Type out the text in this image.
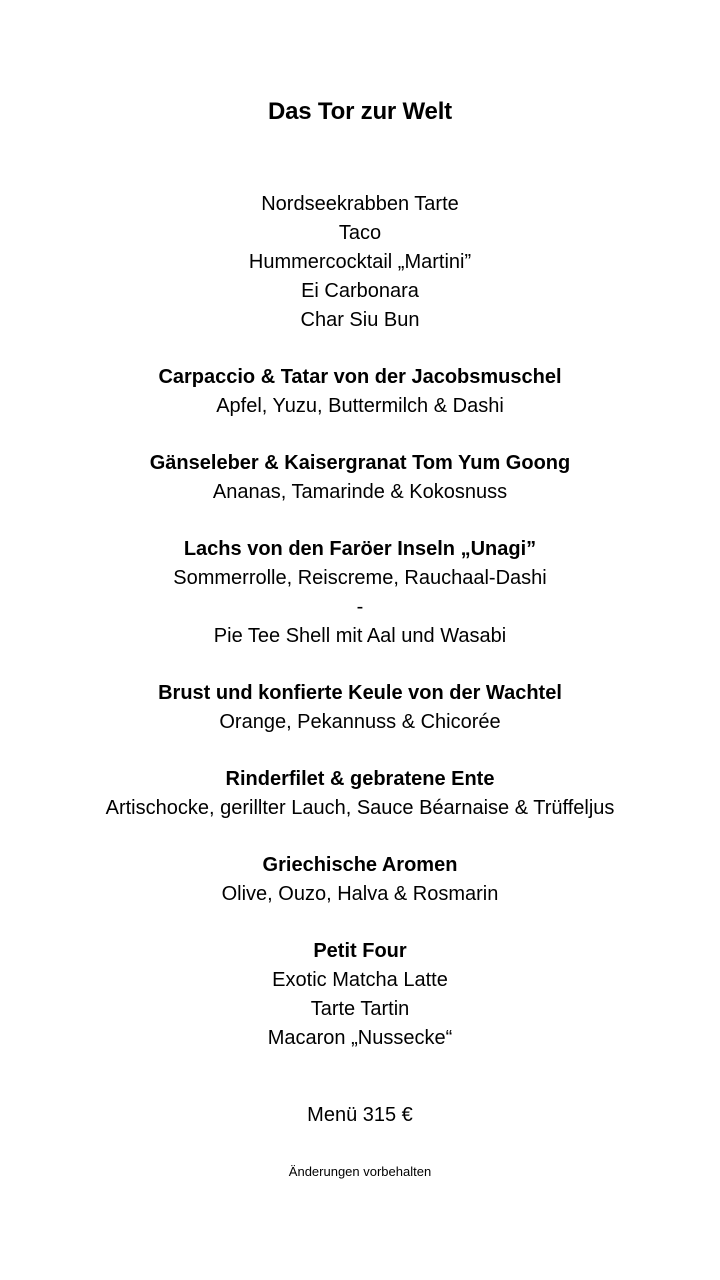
Das Tor zur Welt
Nordseekrabben Tarte
Taco
Hummercocktail „Martini”
Ei Carbonara
Char Siu Bun
Carpaccio & Tatar von der Jacobsmuschel
Apfel, Yuzu, Buttermilch & Dashi
Gänseleber & Kaisergranat Tom Yum Goong
Ananas, Tamarinde & Kokosnuss
Lachs von den Faröer Inseln „Unagi”
Sommerrolle, Reiscreme, Rauchaal-Dashi
-
Pie Tee Shell mit Aal und Wasabi
Brust und konfierte Keule von der Wachtel
Orange, Pekannuss & Chicorée
Rinderfilet & gebratene Ente
Artischocke, gerillter Lauch, Sauce Béarnaise & Trüffeljus
Griechische Aromen
Olive, Ouzo, Halva & Rosmarin
Petit Four
Exotic Matcha Latte
Tarte Tartin
Macaron „Nussecke“
Menü 315 €
Änderungen vorbehalten
